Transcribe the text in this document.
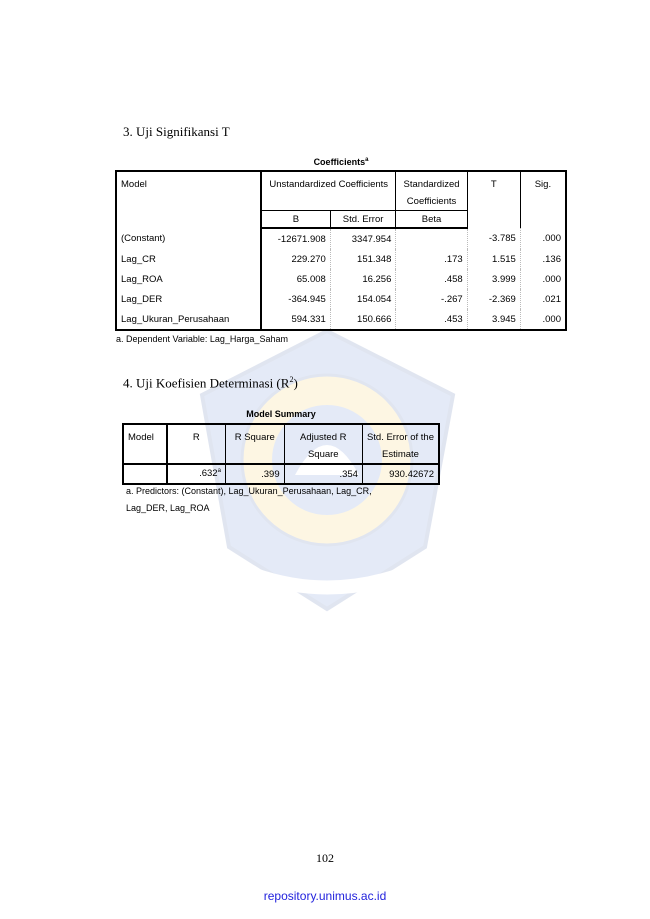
3. Uji Signifikansi T
Coefficients$^a$
Model	Unstandardized Coefficients		Standardized
Coefficients	T	Sig.
	B	Std. Error	Beta		
(Constant)	-12671.908	3347.954		-3.785	.000
Lag_CR	229.270	151.348	.173	1.515	.136
Lag_ROA	65.008	16.256	.458	3.999	.000
Lag_DER	-364.945	154.054	-.267	-2.369	.021
Lag_Ukuran_Perusahaan	594.331	150.666	.453	3.945	.000
a. Dependent Variable: Lag_Harga_Saham
4. Uji Koefisien Determinasi $(R^2)$
Model Summary
Model	R	R Square	Adjusted R
Square	Std. Error of the
Estimate
	.632$^a$	.399	.354	930.42672
a. Predictors: (Constant), Lag_Ukuran_Perusahaan, Lag_CR,
Lag_DER, Lag_ROA
102
repository.unimus.ac.id
